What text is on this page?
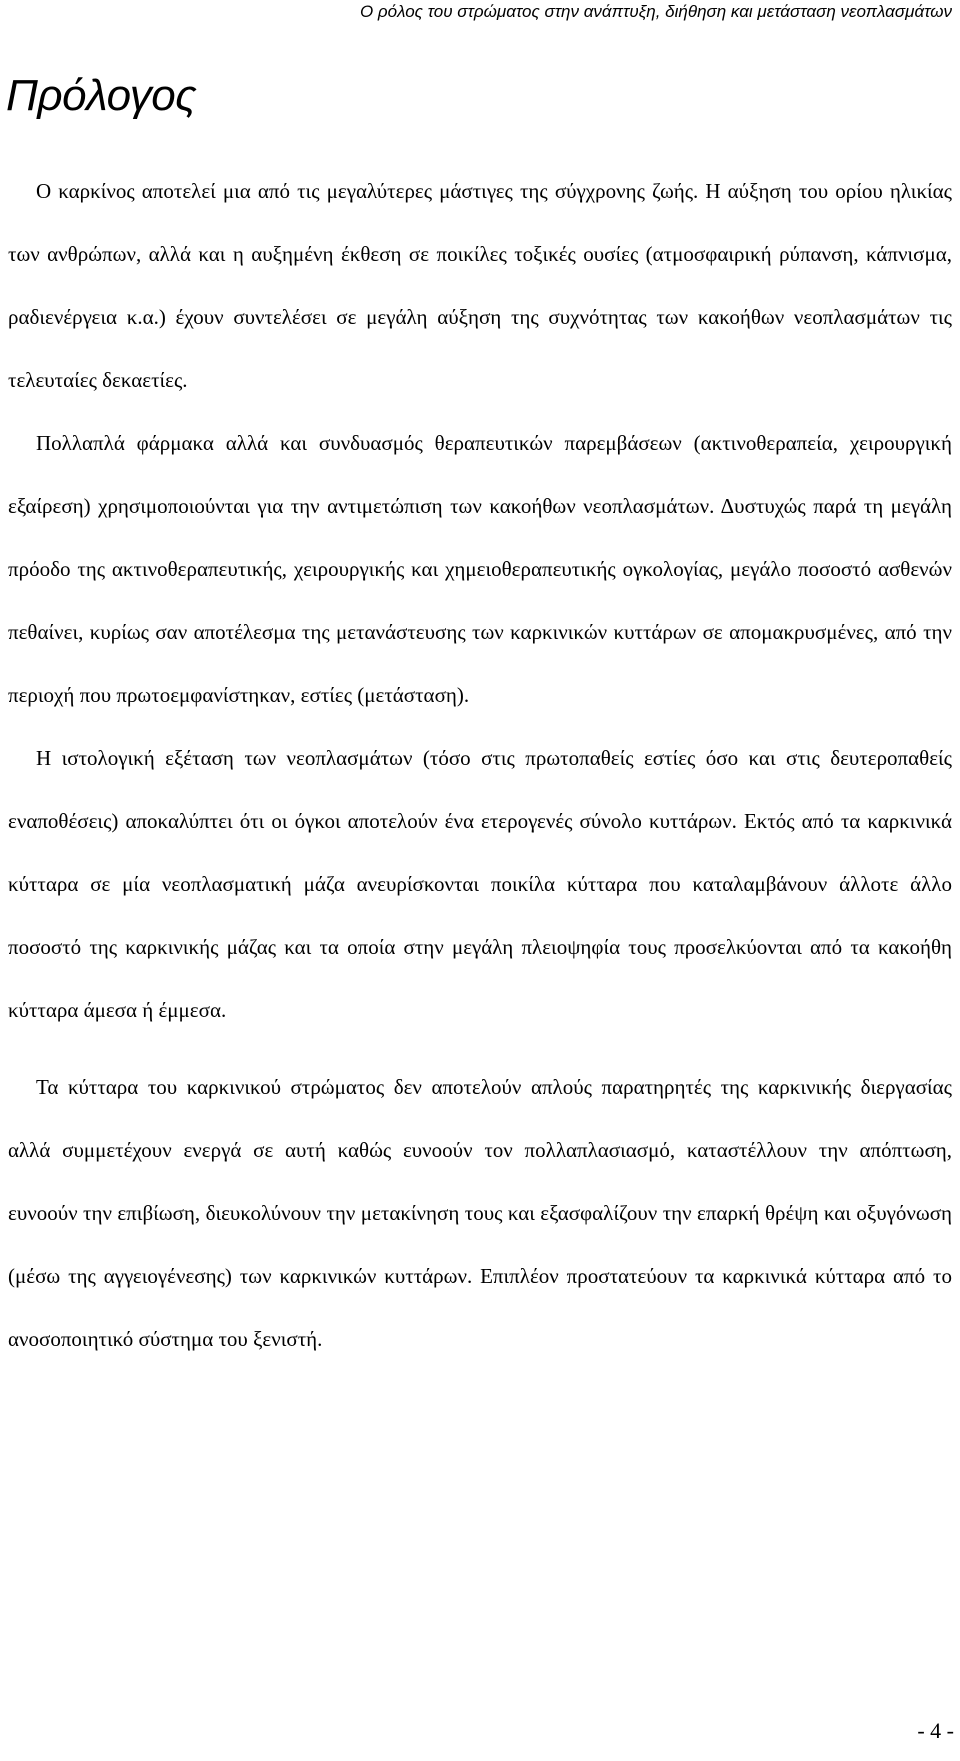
Ο ρόλος του στρώματος στην ανάπτυξη, διήθηση και μετάσταση νεοπλασμάτων
Πρόλογος

Ο καρκίνος αποτελεί μια από τις μεγαλύτερες μάστιγες της σύγχρονης ζωής. Η αύξηση του ορίου ηλικίας των ανθρώπων, αλλά και η αυξημένη έκθεση σε ποικίλες τοξικές ουσίες (ατμοσφαιρική ρύπανση, κάπνισμα, ραδιενέργεια κ.α.) έχουν συντελέσει σε μεγάλη αύξηση της συχνότητας των κακοήθων νεοπλασμάτων τις τελευταίες δεκαετίες.

Πολλαπλά φάρμακα αλλά και συνδυασμός θεραπευτικών παρεμβάσεων (ακτινοθεραπεία, χειρουργική εξαίρεση) χρησιμοποιούνται για την αντιμετώπιση των κακοήθων νεοπλασμάτων. Δυστυχώς παρά τη μεγάλη πρόοδο της ακτινοθεραπευτικής, χειρουργικής και χημειοθεραπευτικής ογκολογίας, μεγάλο ποσοστό ασθενών πεθαίνει, κυρίως σαν αποτέλεσμα της μετανάστευσης των καρκινικών κυττάρων σε απομακρυσμένες, από την περιοχή που πρωτοεμφανίστηκαν, εστίες (μετάσταση).

Η ιστολογική εξέταση των νεοπλασμάτων (τόσο στις πρωτοπαθείς εστίες όσο και στις δευτεροπαθείς εναποθέσεις) αποκαλύπτει ότι οι όγκοι αποτελούν ένα ετερογενές σύνολο κυττάρων. Εκτός από τα καρκινικά κύτταρα σε μία νεοπλασματική μάζα ανευρίσκονται ποικίλα κύτταρα που καταλαμβάνουν άλλοτε άλλο ποσοστό της καρκινικής μάζας και τα οποία στην μεγάλη πλειοψηφία τους προσελκύονται από τα κακοήθη κύτταρα άμεσα ή έμμεσα.

Τα κύτταρα του καρκινικού στρώματος δεν αποτελούν απλούς παρατηρητές της καρκινικής διεργασίας αλλά συμμετέχουν ενεργά σε αυτή καθώς ευνοούν τον πολλαπλασιασμό, καταστέλλουν την απόπτωση, ευνοούν την επιβίωση, διευκολύνουν την μετακίνηση τους και εξασφαλίζουν την επαρκή θρέψη και οξυγόνωση (μέσω της αγγειογένεσης) των καρκινικών κυττάρων. Επιπλέον προστατεύουν τα καρκινικά κύτταρα από το ανοσοποιητικό σύστημα του ξενιστή.

- 4 -
